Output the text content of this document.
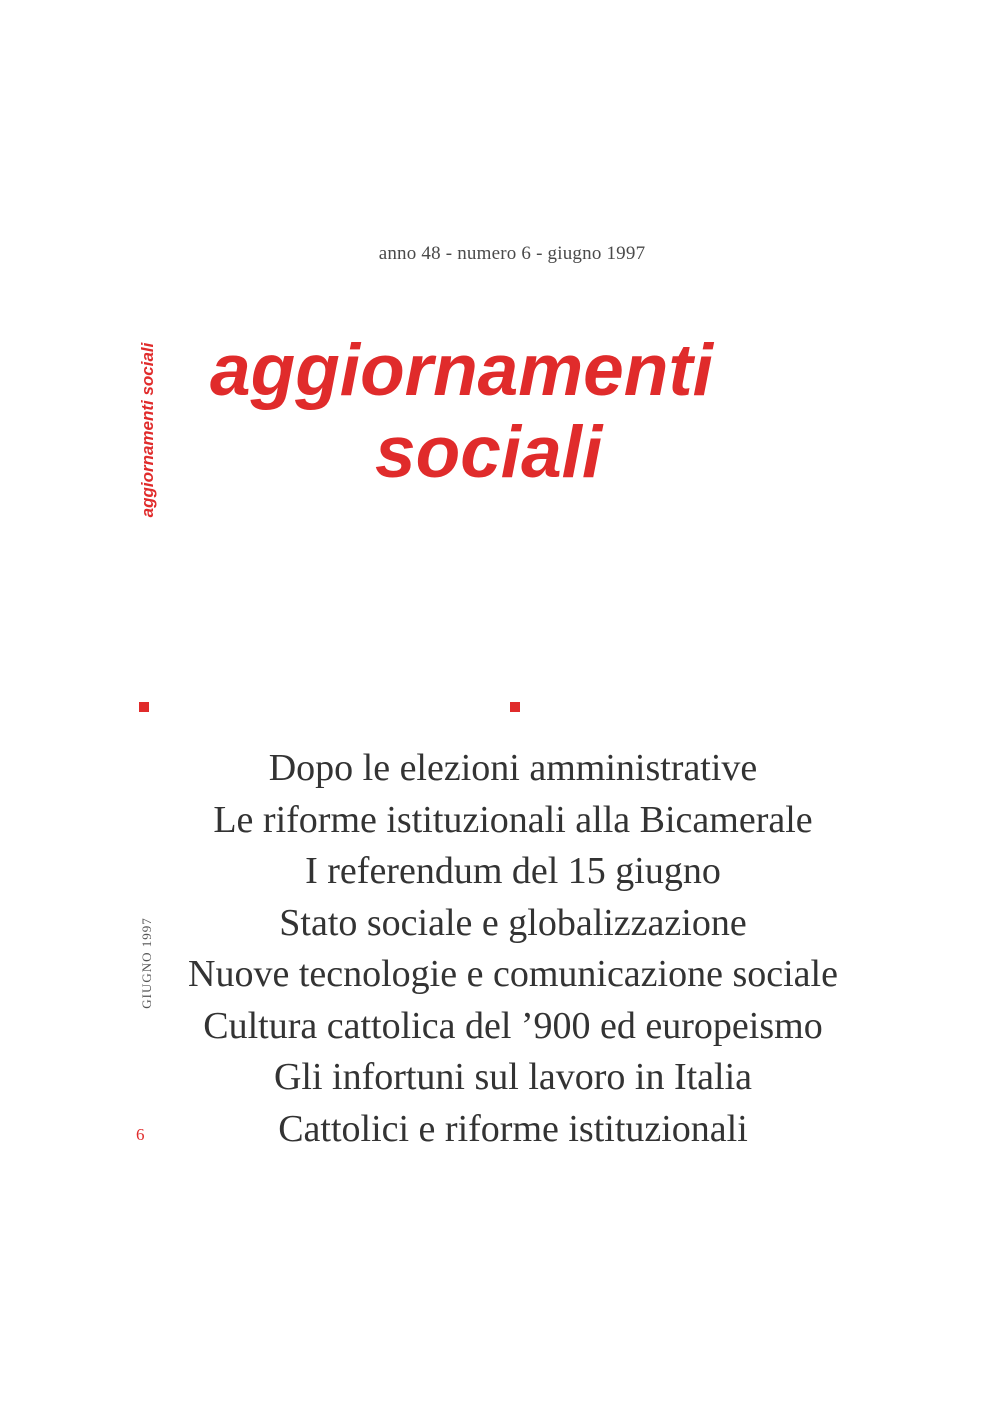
anno 48 - numero 6 - giugno 1997
aggiornamenti sociali
GIUGNO 1997
6
aggiornamenti
sociali
Dopo le elezioni amministrative
Le riforme istituzionali alla Bicamerale
I referendum del 15 giugno
Stato sociale e globalizzazione
Nuove tecnologie e comunicazione sociale
Cultura cattolica del ’900 ed europeismo
Gli infortuni sul lavoro in Italia
Cattolici e riforme istituzionali
